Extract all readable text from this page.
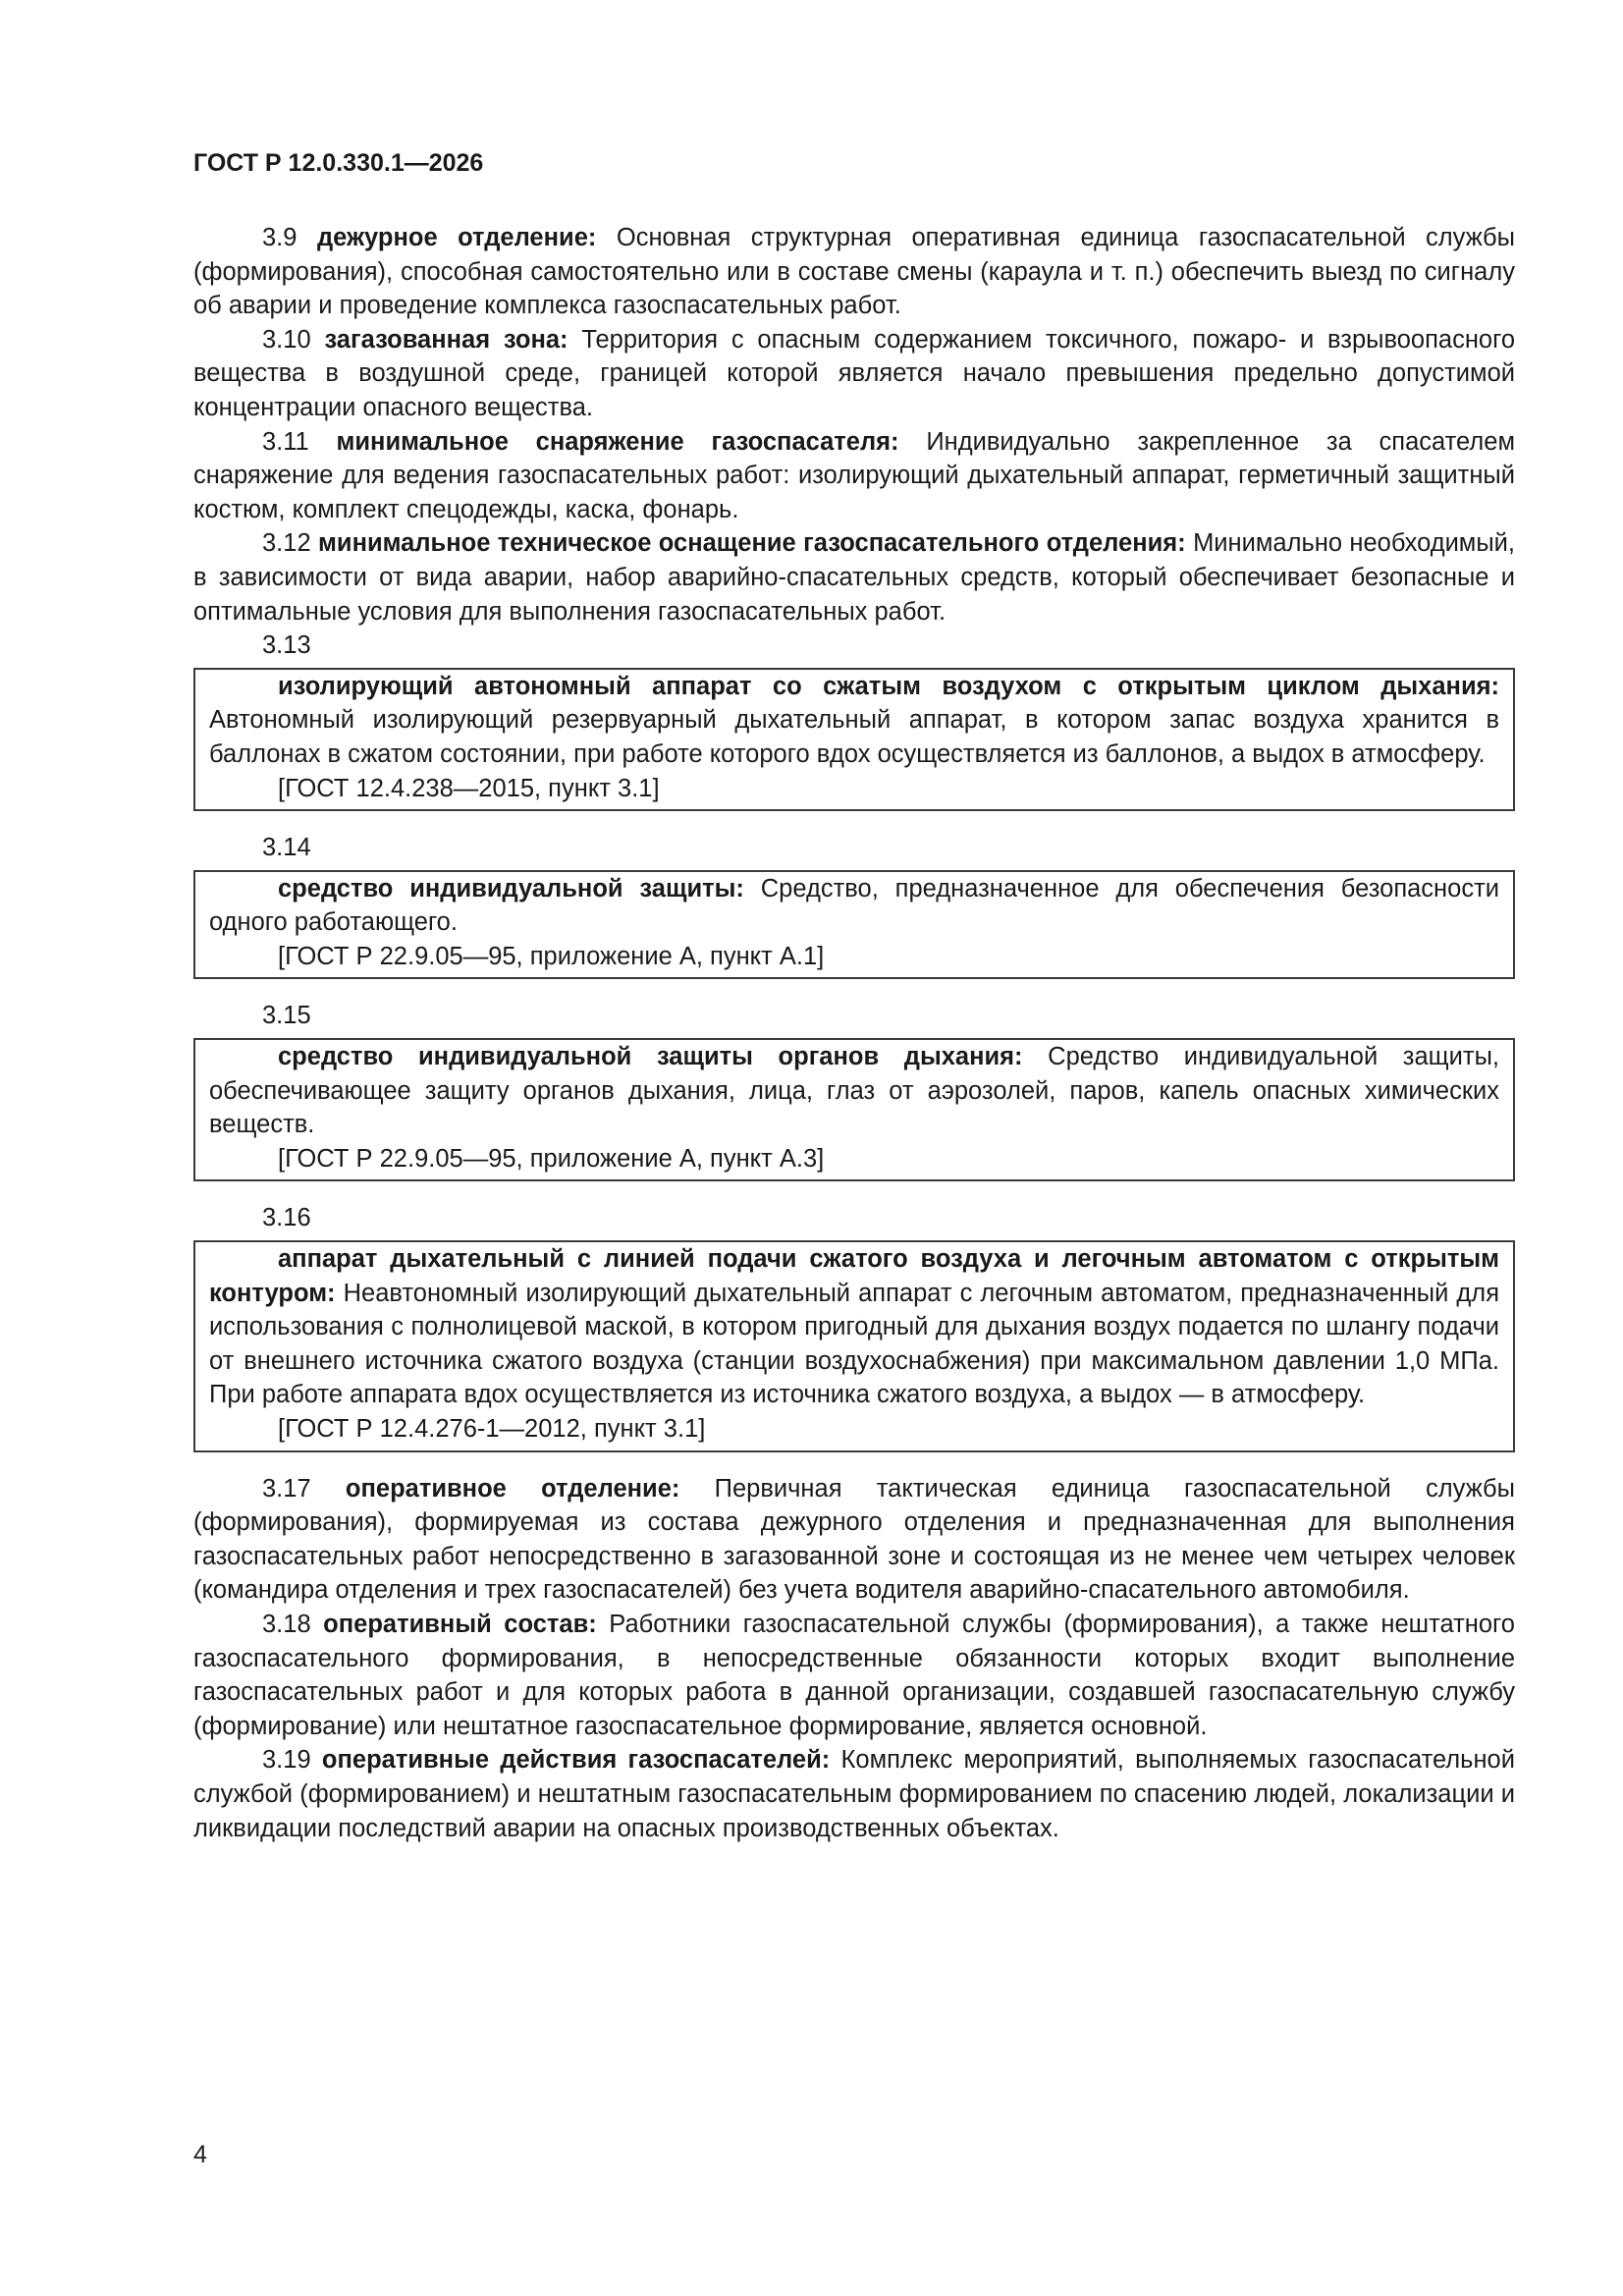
ГОСТ Р 12.0.330.1—2026

3.9 дежурное отделение: Основная структурная оперативная единица газоспасательной службы (формирования), способная самостоятельно или в составе смены (караула и т. п.) обеспечить выезд по сигналу об аварии и проведение комплекса газоспасательных работ.

3.10 загазованная зона: Территория с опасным содержанием токсичного, пожаро- и взрывоопасного вещества в воздушной среде, границей которой является начало превышения предельно допустимой концентрации опасного вещества.

3.11 минимальное снаряжение газоспасателя: Индивидуально закрепленное за спасателем снаряжение для ведения газоспасательных работ: изолирующий дыхательный аппарат, герметичный защитный костюм, комплект спецодежды, каска, фонарь.

3.12 минимальное техническое оснащение газоспасательного отделения: Минимально необходимый, в зависимости от вида аварии, набор аварийно-спасательных средств, который обеспечивает безопасные и оптимальные условия для выполнения газоспасательных работ.

3.13

изолирующий автономный аппарат со сжатым воздухом с открытым циклом дыхания: Автономный изолирующий резервуарный дыхательный аппарат, в котором запас воздуха хранится в баллонах в сжатом состоянии, при работе которого вдох осуществляется из баллонов, а выдох в атмосферу.

[ГОСТ 12.4.238—2015, пункт 3.1]

3.14

средство индивидуальной защиты: Средство, предназначенное для обеспечения безопасности одного работающего.

[ГОСТ Р 22.9.05—95, приложение А, пункт А.1]

3.15

средство индивидуальной защиты органов дыхания: Средство индивидуальной защиты, обеспечивающее защиту органов дыхания, лица, глаз от аэрозолей, паров, капель опасных химических веществ.

[ГОСТ Р 22.9.05—95, приложение А, пункт А.3]

3.16

аппарат дыхательный с линией подачи сжатого воздуха и легочным автоматом с открытым контуром: Неавтономный изолирующий дыхательный аппарат с легочным автоматом, предназначенный для использования с полнолицевой маской, в котором пригодный для дыхания воздух подается по шлангу подачи от внешнего источника сжатого воздуха (станции воздухоснабжения) при максимальном давлении 1,0 МПа. При работе аппарата вдох осуществляется из источника сжатого воздуха, а выдох — в атмосферу.

[ГОСТ Р 12.4.276-1—2012, пункт 3.1]

3.17 оперативное отделение: Первичная тактическая единица газоспасательной службы (формирования), формируемая из состава дежурного отделения и предназначенная для выполнения газоспасательных работ непосредственно в загазованной зоне и состоящая из не менее чем четырех человек (командира отделения и трех газоспасателей) без учета водителя аварийно-спасательного автомобиля.

3.18 оперативный состав: Работники газоспасательной службы (формирования), а также нештатного газоспасательного формирования, в непосредственные обязанности которых входит выполнение газоспасательных работ и для которых работа в данной организации, создавшей газоспасательную службу (формирование) или нештатное газоспасательное формирование, является основной.

3.19 оперативные действия газоспасателей: Комплекс мероприятий, выполняемых газоспасательной службой (формированием) и нештатным газоспасательным формированием по спасению людей, локализации и ликвидации последствий аварии на опасных производственных объектах.

4
